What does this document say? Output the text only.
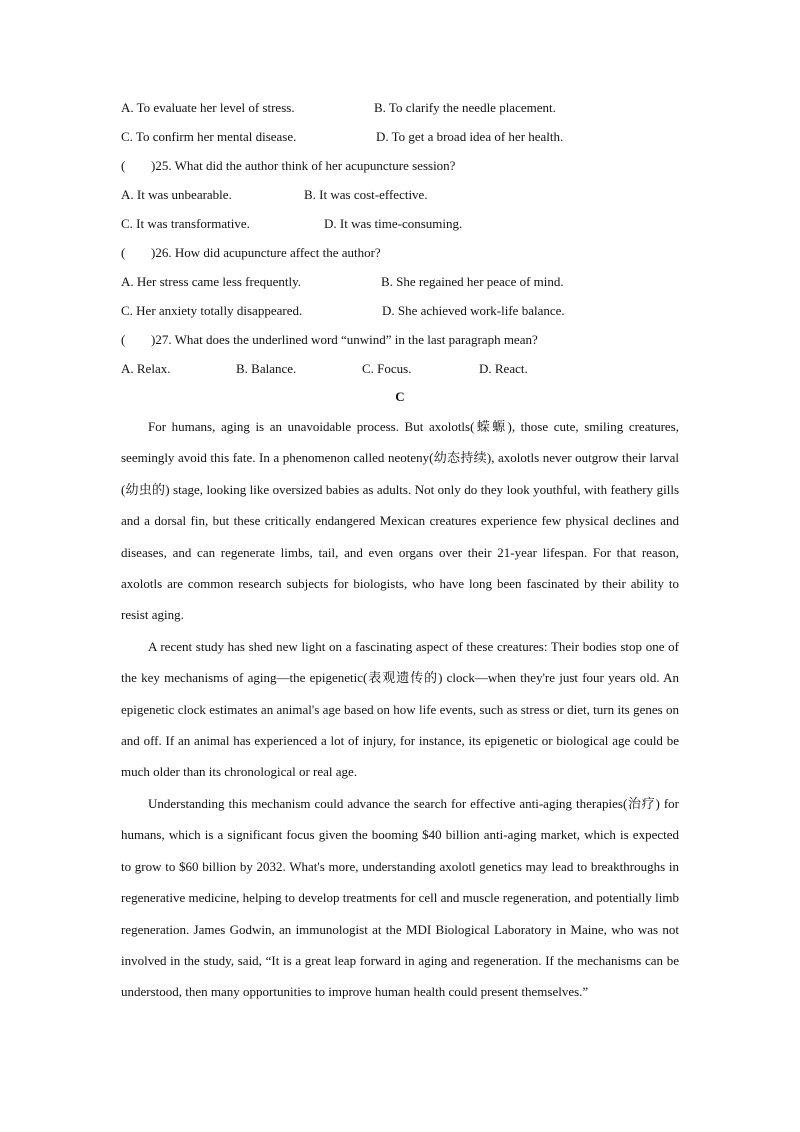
A. To evaluate her level of stress.	B. To clarify the needle placement.
C. To confirm her mental disease.	D. To get a broad idea of her health.
( )25. What did the author think of her acupuncture session?
A. It was unbearable.	B. It was cost-effective.
C. It was transformative.	D. It was time-consuming.
( )26. How did acupuncture affect the author?
A. Her stress came less frequently.	B. She regained her peace of mind.
C. Her anxiety totally disappeared.	D. She achieved work-life balance.
( )27. What does the underlined word “unwind” in the last paragraph mean?
A. Relax.	B. Balance.	C. Focus.	D. React.
C

For humans, aging is an unavoidable process. But axolotls(蝾螈), those cute, smiling creatures, seemingly avoid this fate. In a phenomenon called neoteny(幼态持续), axolotls never outgrow their larval (幼虫的) stage, looking like oversized babies as adults. Not only do they look youthful, with feathery gills and a dorsal fin, but these critically endangered Mexican creatures experience few physical declines and diseases, and can regenerate limbs, tail, and even organs over their 21-year lifespan. For that reason, axolotls are common research subjects for biologists, who have long been fascinated by their ability to resist aging.

A recent study has shed new light on a fascinating aspect of these creatures: Their bodies stop one of the key mechanisms of aging—the epigenetic(表观遗传的) clock—when they're just four years old. An epigenetic clock estimates an animal's age based on how life events, such as stress or diet, turn its genes on and off. If an animal has experienced a lot of injury, for instance, its epigenetic or biological age could be much older than its chronological or real age.

Understanding this mechanism could advance the search for effective anti-aging therapies(治疗) for humans, which is a significant focus given the booming $40 billion anti-aging market, which is expected to grow to $60 billion by 2032. What's more, understanding axolotl genetics may lead to breakthroughs in regenerative medicine, helping to develop treatments for cell and muscle regeneration, and potentially limb regeneration. James Godwin, an immunologist at the MDI Biological Laboratory in Maine, who was not involved in the study, said, “It is a great leap forward in aging and regeneration. If the mechanisms can be understood, then many opportunities to improve human health could present themselves.”
